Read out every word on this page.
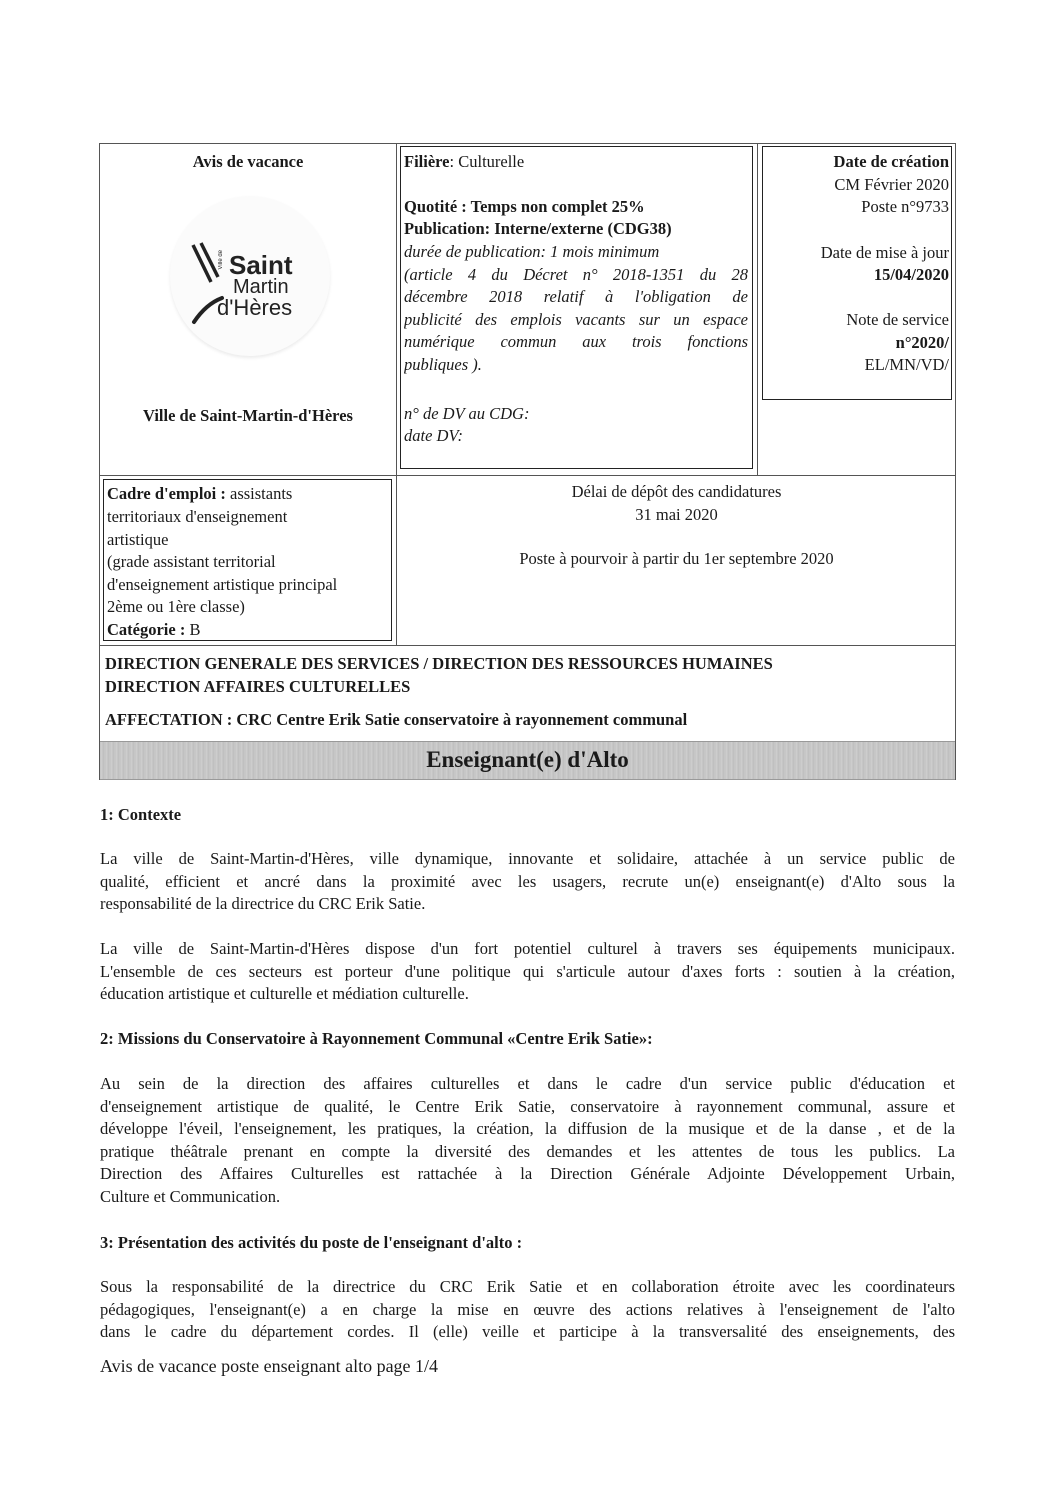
Avis de vacance
Ville de Saint
Martin
d'Hères
Ville de Saint-Martin-d'Hères
Filière: Culturelle
Quotité : Temps non complet 25%
Publication: Interne/externe (CDG38)
durée de publication: 1 mois minimum
(article 4 du Décret n° 2018-1351 du 28
décembre 2018 relatif à l'obligation de
publicité des emplois vacants sur un espace
numérique commun aux trois fonctions
publiques ).
n° de DV au CDG:
date DV:
Date de création
CM Février 2020
Poste n°9733
Date de mise à jour
15/04/2020
Note de service
n°2020/
EL/MN/VD/
Cadre d'emploi : assistants
territoriaux d'enseignement
artistique
(grade assistant territorial
d'enseignement artistique principal
2ème ou 1ère classe)
Catégorie : B
Délai de dépôt des candidatures
31 mai 2020
Poste à pourvoir à partir du 1er septembre 2020
DIRECTION GENERALE DES SERVICES / DIRECTION DES RESSOURCES HUMAINES
DIRECTION AFFAIRES CULTURELLES
AFFECTATION : CRC Centre Erik Satie conservatoire à rayonnement communal
Enseignant(e) d'Alto
1: Contexte
La ville de Saint-Martin-d'Hères, ville dynamique, innovante et solidaire, attachée à un service public de
qualité, efficient et ancré dans la proximité avec les usagers, recrute un(e) enseignant(e) d'Alto sous la
responsabilité de la directrice du CRC Erik Satie.
La ville de Saint-Martin-d'Hères dispose d'un fort potentiel culturel à travers ses équipements municipaux.
L'ensemble de ces secteurs est porteur d'une politique qui s'articule autour d'axes forts : soutien à la création,
éducation artistique et culturelle et médiation culturelle.
2: Missions du Conservatoire à Rayonnement Communal «Centre Erik Satie»:
Au sein de la direction des affaires culturelles et dans le cadre d'un service public d'éducation et
d'enseignement artistique de qualité, le Centre Erik Satie, conservatoire à rayonnement communal, assure et
développe l'éveil, l'enseignement, les pratiques, la création, la diffusion de la musique et de la danse , et de la
pratique théâtrale prenant en compte la diversité des demandes et les attentes de tous les publics. La
Direction des Affaires Culturelles est rattachée à la Direction Générale Adjointe Développement Urbain,
Culture et Communication.
3: Présentation des activités du poste de l'enseignant d'alto :
Sous la responsabilité de la directrice du CRC Erik Satie et en collaboration étroite avec les coordinateurs
pédagogiques, l'enseignant(e) a en charge la mise en œuvre des actions relatives à l'enseignement de l'alto
dans le cadre du département cordes. Il (elle) veille et participe à la transversalité des enseignements, des
Avis de vacance poste enseignant alto page 1/4
